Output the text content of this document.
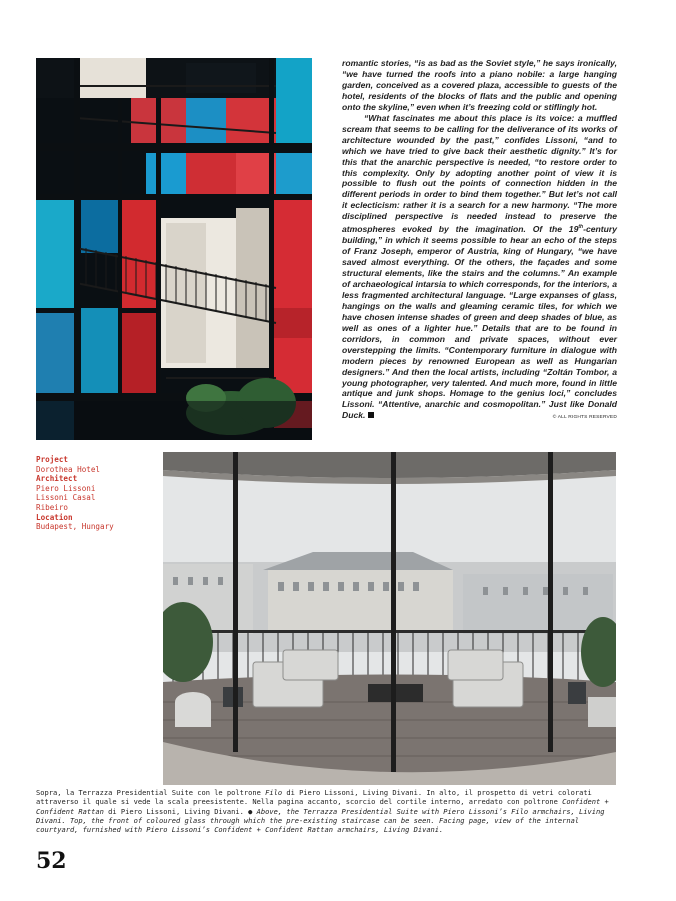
romantic stories, “is as bad as the Soviet style,” he says ironically, “we have turned the roofs into a piano nobile: a large hanging garden, conceived as a covered plaza, accessible to guests of the hotel, residents of the blocks of flats and the public and opening onto the skyline,” even when it’s freezing cold or stiflingly hot.

“What fascinates me about this place is its voice: a muffled scream that seems to be calling for the deliverance of its works of architecture wounded by the past,” confides Lissoni, “and to which we have tried to give back their aesthetic dignity.” It’s for this that the anarchic perspective is needed, “to restore order to this complexity. Only by adopting another point of view it is possible to flush out the points of connection hidden in the different periods in order to bind them together.” But let’s not call it eclecticism: rather it is a search for a new harmony. “The more disciplined perspective is needed instead to preserve the atmospheres evoked by the imagination. Of the 19th-century building,” in which it seems possible to hear an echo of the steps of Franz Joseph, emperor of Austria, king of Hungary, “we have saved almost everything. Of the others, the façades and some structural elements, like the stairs and the columns.” An example of archaeological intarsia to which corresponds, for the interiors, a less fragmented architectural language. “Large expanses of glass, hangings on the walls and gleaming ceramic tiles, for which we have chosen intense shades of green and deep shades of blue, as well as ones of a lighter hue.” Details that are to be found in corridors, in common and private spaces, without ever overstepping the limits. “Contemporary furniture in dialogue with modern pieces by renowned European as well as Hungarian designers.” And then the local artists, including “Zoltán Tombor, a young photographer, very talented. And much more, found in little antique and junk shops. Homage to the genius loci,” concludes Lissoni. “Attentive, anarchic and cosmopolitan.” Just like Donald Duck.	© ALL RIGHTS RESERVED

Project
Dorothea Hotel
Architect
Piero Lissoni
Lissoni Casal
Ribeiro
Location
Budapest, Hungary
Sopra, la Terrazza Presidential Suite con le poltrone Filo di Piero Lissoni, Living Divani. In alto, il prospetto di vetri colorati attraverso il quale si vede la scala preesistente. Nella pagina accanto, scorcio del cortile interno, arredato con poltrone Confident + Confident Rattan di Piero Lissoni, Living Divani. ● Above, the Terrazza Presidential Suite with Piero Lissoni’s Filo armchairs, Living Divani. Top, the front of coloured glass through which the pre-existing staircase can be seen. Facing page, view of the internal courtyard, furnished with Piero Lissoni’s Confident + Confident Rattan armchairs, Living Divani.
52
